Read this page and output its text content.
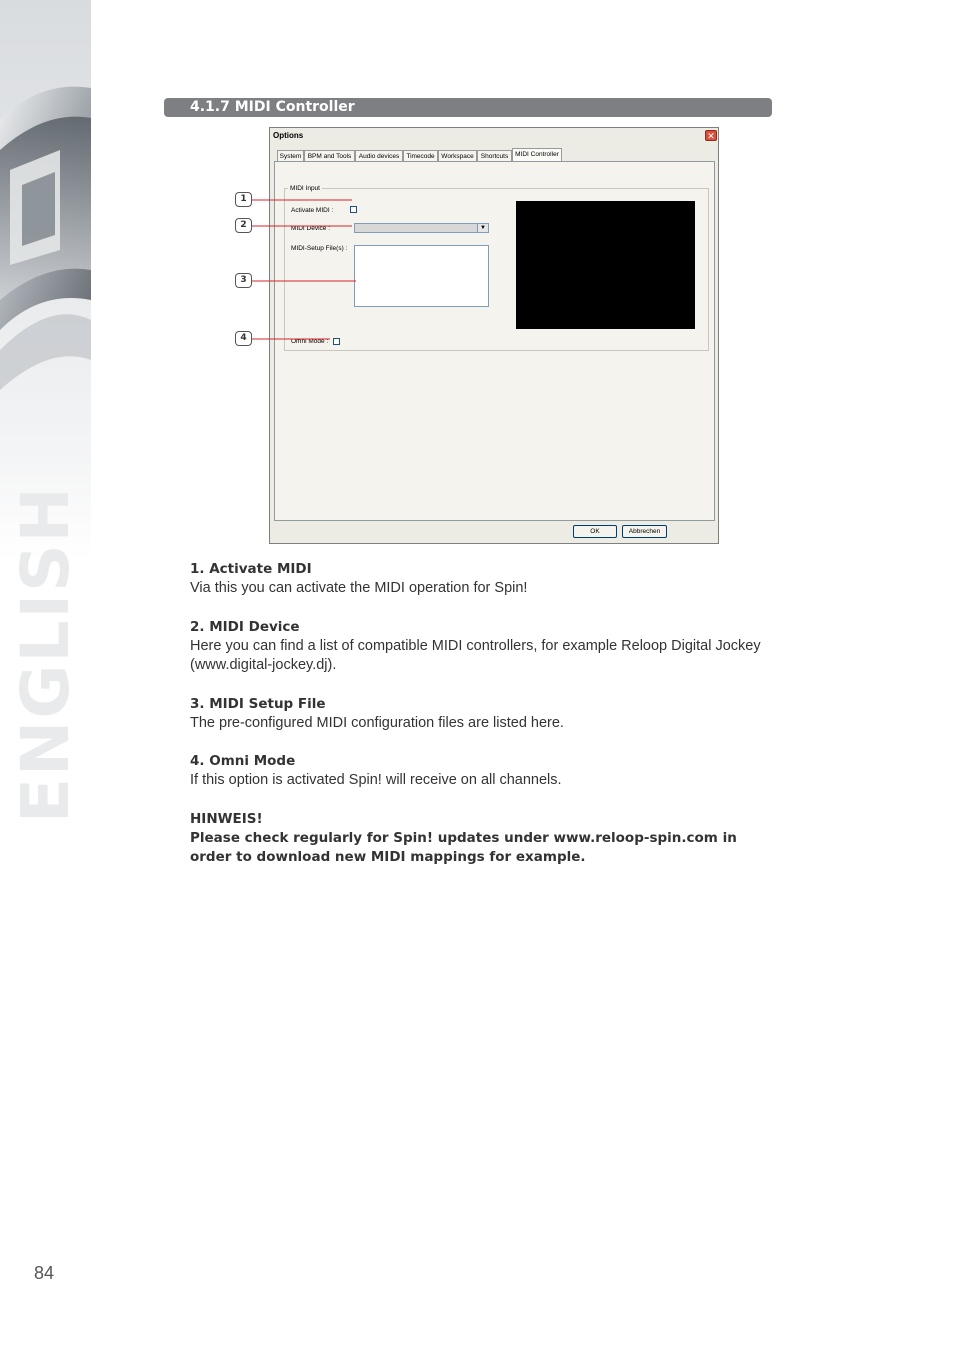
ENGLISH
4.1.7 MIDI Controller
Options	✕
System BPM and Tools	Audio devices	Timecode	Workspace	Shortcuts	MIDI Controller
MIDI Input
Activate MIDI :
MIDI Device :	▼
MIDI-Setup File(s) :
Omni Mode :
OK	Abbrechen
1
2
3
4
1. Activate MIDI
Via this you can activate the MIDI operation for Spin!
2. MIDI Device
Here you can find a list of compatible MIDI controllers, for example Reloop Digital Jockey (www.digital-jockey.dj).
3. MIDI Setup File
The pre-configured MIDI configuration files are listed here.
4. Omni Mode
If this option is activated Spin! will receive on all channels.
HINWEIS!
Please check regularly for Spin! updates under www.reloop-spin.com in order to download new MIDI mappings for example.
84
